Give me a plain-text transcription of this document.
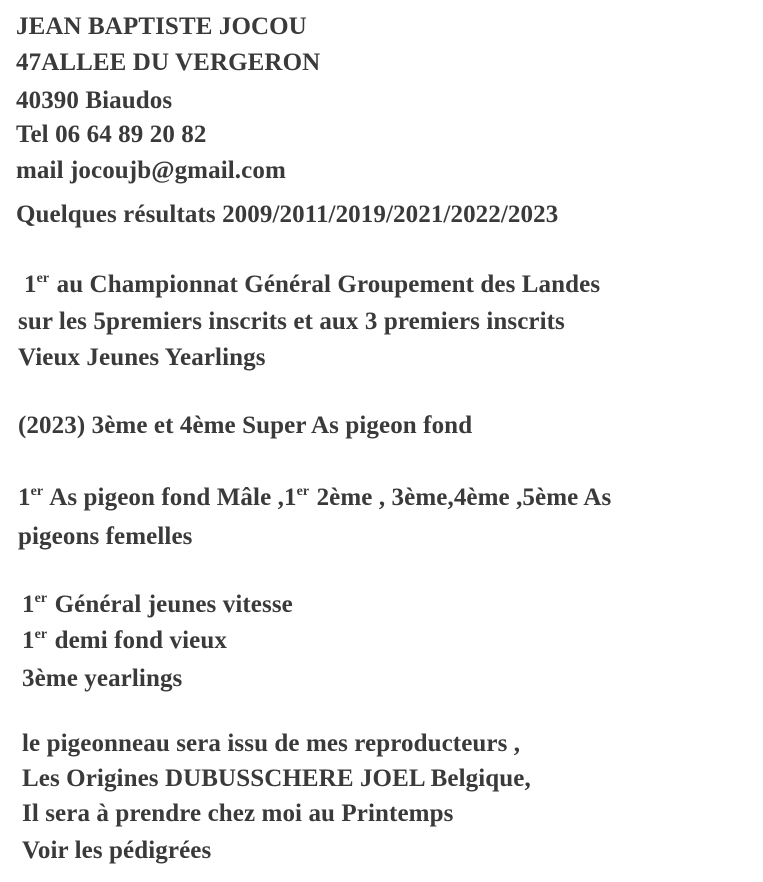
JEAN BAPTISTE JOCOU
47ALLEE DU VERGERON
40390 Biaudos
Tel 06 64 89 20 82
mail jocoujb@gmail.com
Quelques résultats 2009/2011/2019/2021/2022/2023
1er au Championnat Général Groupement des Landes
sur les 5premiers inscrits et aux 3 premiers inscrits
Vieux Jeunes Yearlings
(2023) 3ème et 4ème Super As pigeon fond
1er As pigeon fond Mâle ,1er 2ème , 3ème,4ème ,5ème As
pigeons femelles
1er Général jeunes vitesse
1er demi fond vieux
3ème yearlings
le pigeonneau sera issu de mes reproducteurs ,
Les Origines DUBUSSCHERE JOEL Belgique,
Il sera à prendre chez moi au Printemps
Voir les pédigrées
